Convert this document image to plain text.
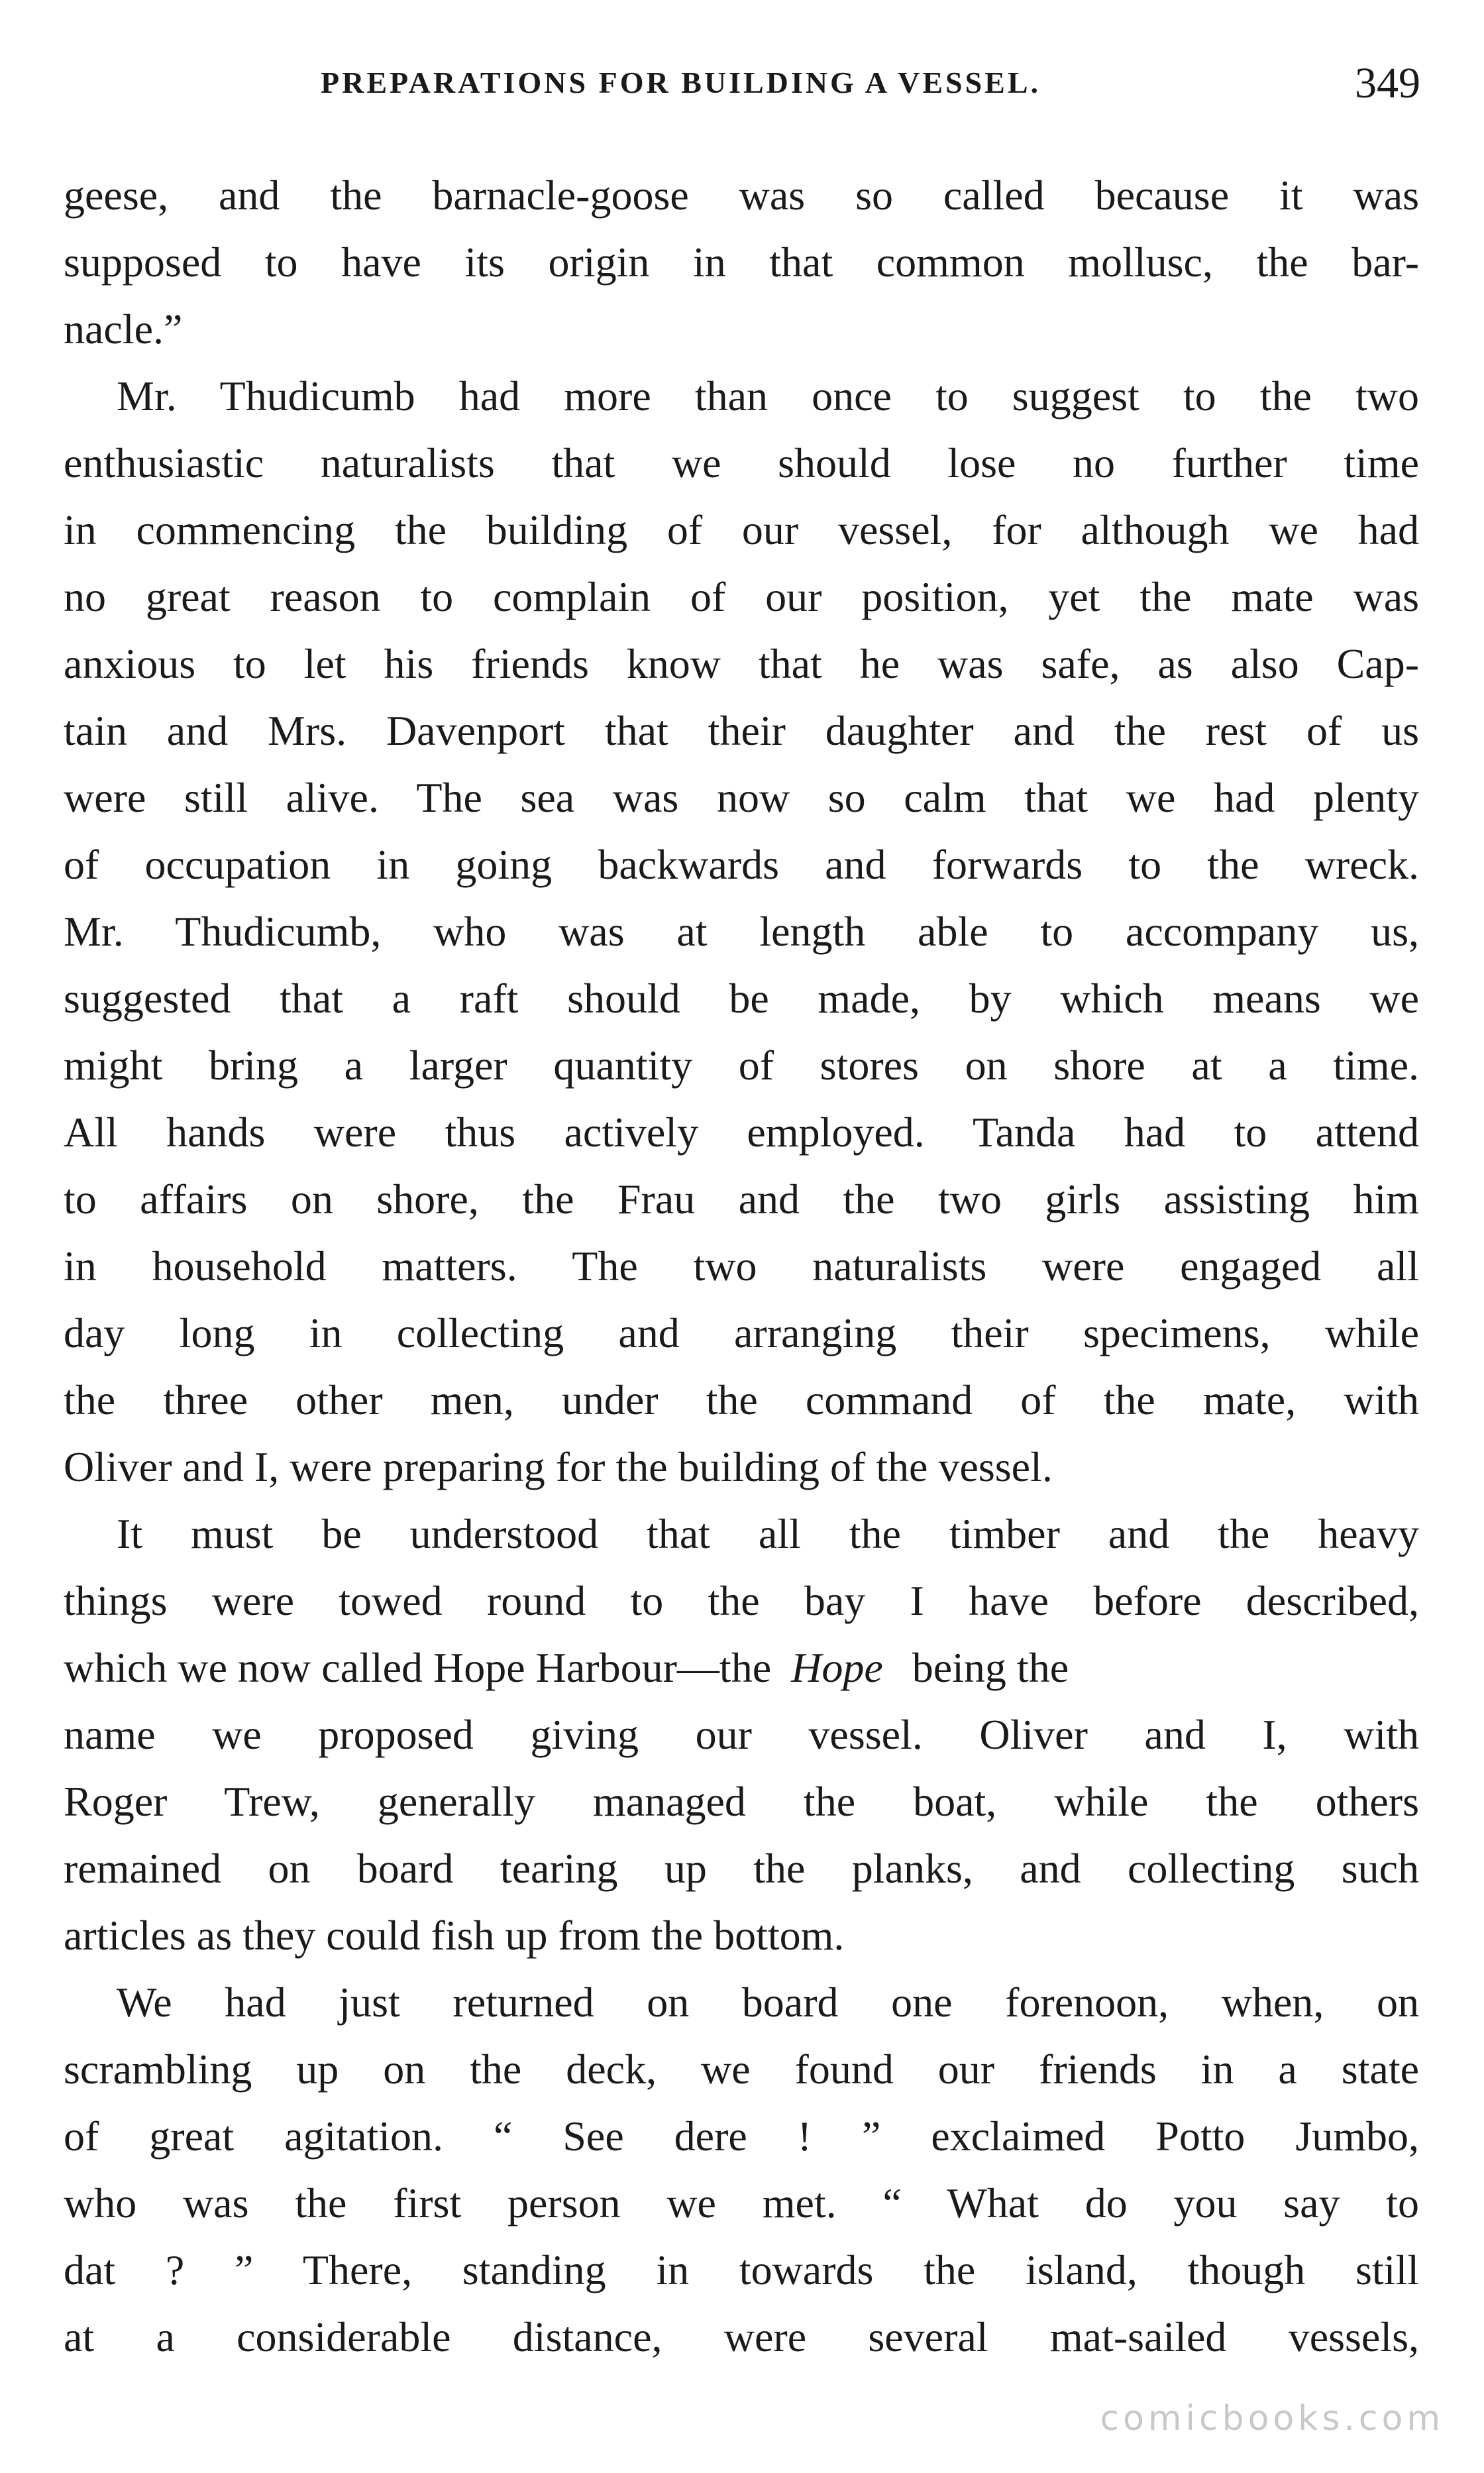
PREPARATIONS FOR BUILDING A VESSEL.	349
geese, and the barnacle-goose was so called because it was
supposed to have its origin in that common mollusc, the bar-
nacle.”
Mr. Thudicumb had more than once to suggest to the two
enthusiastic naturalists that we should lose no further time
in commencing the building of our vessel, for although we had
no great reason to complain of our position, yet the mate was
anxious to let his friends know that he was safe, as also Cap-
tain and Mrs. Davenport that their daughter and the rest of us
were still alive. The sea was now so calm that we had plenty
of occupation in going backwards and forwards to the wreck.
Mr. Thudicumb, who was at length able to accompany us,
suggested that a raft should be made, by which means we
might bring a larger quantity of stores on shore at a time.
All hands were thus actively employed. Tanda had to attend
to affairs on shore, the Frau and the two girls assisting him
in household matters. The two naturalists were engaged all
day long in collecting and arranging their specimens, while
the three other men, under the command of the mate, with
Oliver and I, were preparing for the building of the vessel.
It must be understood that all the timber and the heavy
things were towed round to the bay I have before described,
which we now called Hope Harbour—the Hope being the
name we proposed giving our vessel. Oliver and I, with
Roger Trew, generally managed the boat, while the others
remained on board tearing up the planks, and collecting such
articles as they could fish up from the bottom.
We had just returned on board one forenoon, when, on
scrambling up on the deck, we found our friends in a state
of great agitation. “ See dere ! ” exclaimed Potto Jumbo,
who was the first person we met. “ What do you say to
dat ? ” There, standing in towards the island, though still
at a considerable distance, were several mat-sailed vessels,
comicbooks.com
